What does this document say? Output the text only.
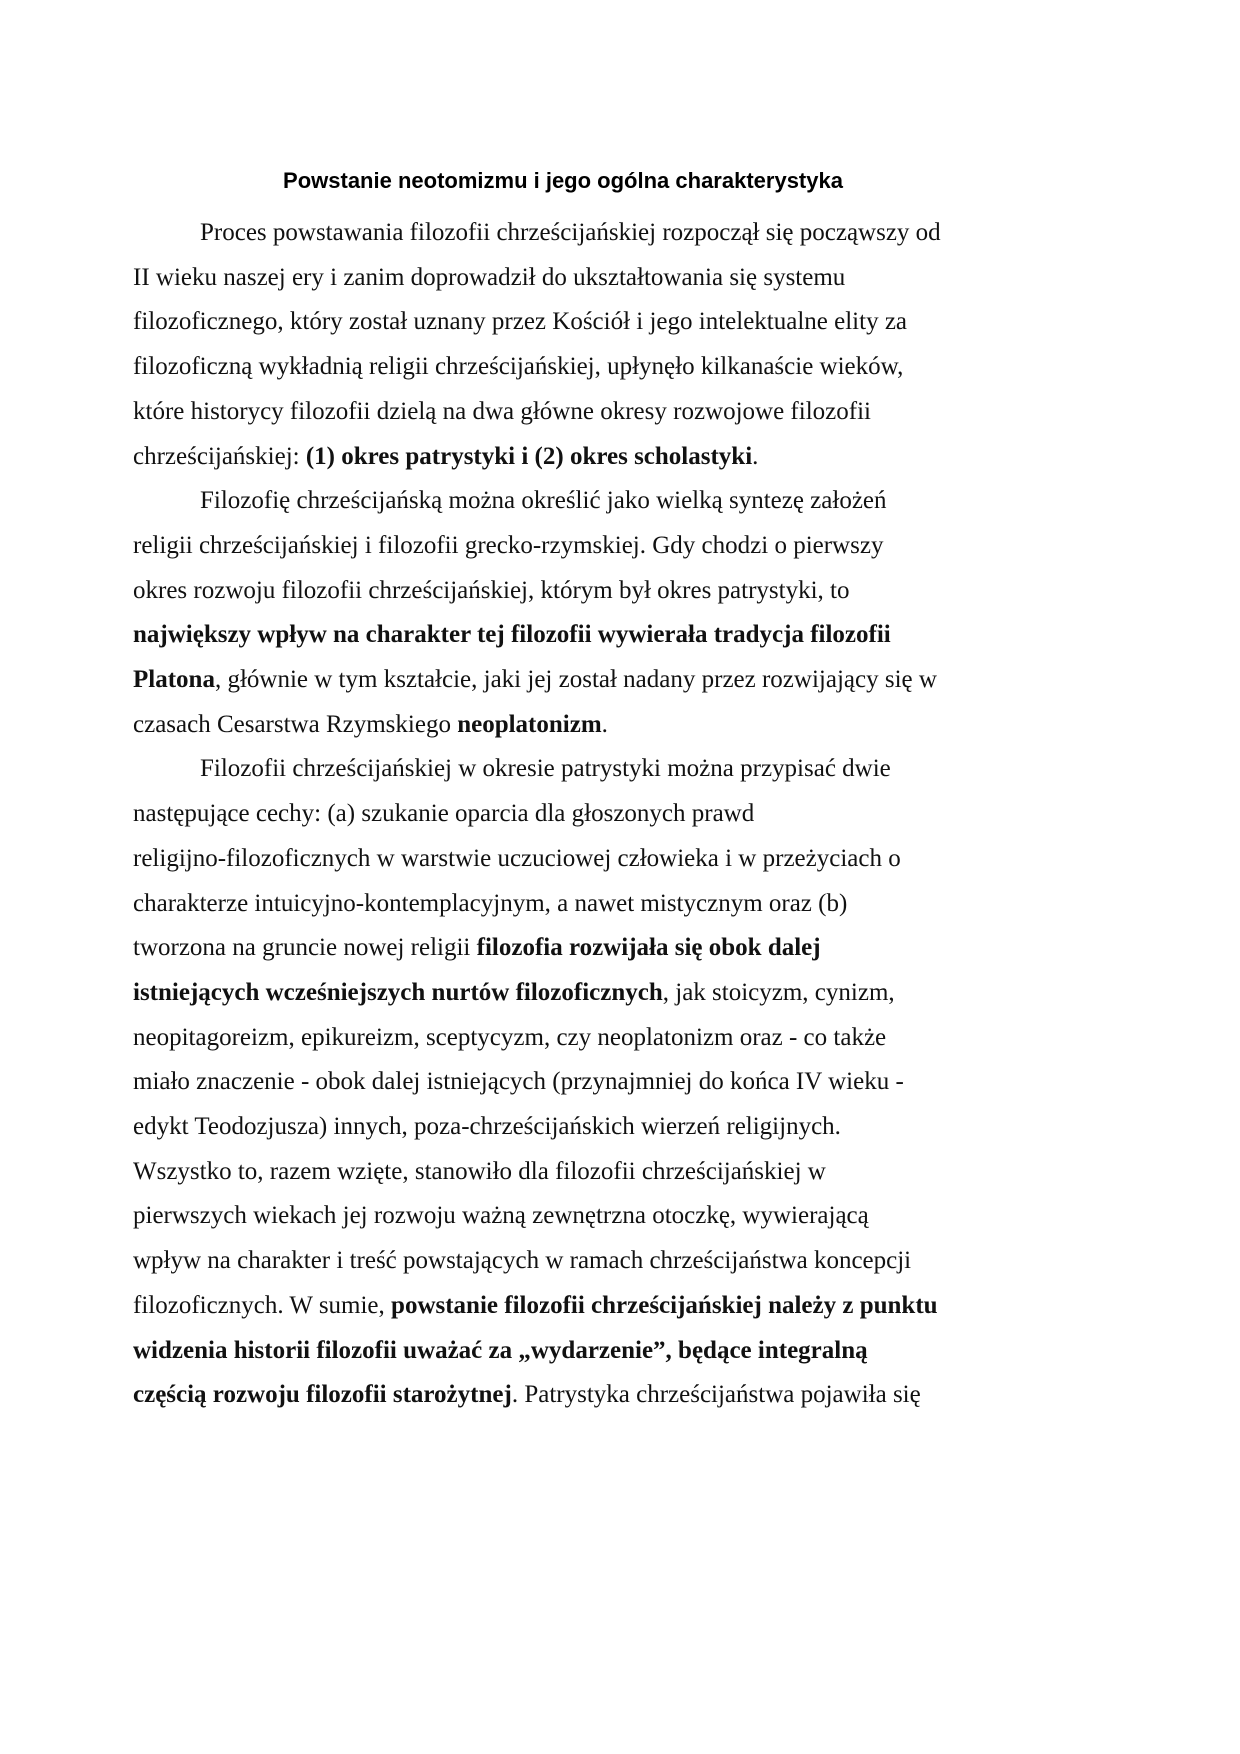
Powstanie neotomizmu i jego ogólna charakterystyka
Proces powstawania filozofii chrześcijańskiej rozpoczął się począwszy od
II wieku naszej ery i zanim doprowadził do ukształtowania się systemu
filozoficznego, który został uznany przez Kościół i jego intelektualne elity za
filozoficzną wykładnią religii chrześcijańskiej, upłynęło kilkanaście wieków,
które historycy filozofii dzielą na dwa główne okresy rozwojowe filozofii
chrześcijańskiej: (1) okres patrystyki i (2) okres scholastyki.
Filozofię chrześcijańską można określić jako wielką syntezę założeń
religii chrześcijańskiej i filozofii grecko-rzymskiej. Gdy chodzi o pierwszy
okres rozwoju filozofii chrześcijańskiej, którym był okres patrystyki, to
największy wpływ na charakter tej filozofii wywierała tradycja filozofii
Platona, głównie w tym kształcie, jaki jej został nadany przez rozwijający się w
czasach Cesarstwa Rzymskiego neoplatonizm.
Filozofii chrześcijańskiej w okresie patrystyki można przypisać dwie
następujące cechy: (a) szukanie oparcia dla głoszonych prawd
religijno-filozoficznych w warstwie uczuciowej człowieka i w przeżyciach o
charakterze intuicyjno-kontemplacyjnym, a nawet mistycznym oraz (b)
tworzona na gruncie nowej religii filozofia rozwijała się obok dalej
istniejących wcześniejszych nurtów filozoficznych, jak stoicyzm, cynizm,
neopitagoreizm, epikureizm, sceptycyzm, czy neoplatonizm oraz - co także
miało znaczenie - obok dalej istniejących (przynajmniej do końca IV wieku -
edykt Teodozjusza) innych, poza-chrześcijańskich wierzeń religijnych.
Wszystko to, razem wzięte, stanowiło dla filozofii chrześcijańskiej w
pierwszych wiekach jej rozwoju ważną zewnętrzna otoczkę, wywierającą
wpływ na charakter i treść powstających w ramach chrześcijaństwa koncepcji
filozoficznych. W sumie, powstanie filozofii chrześcijańskiej należy z punktu
widzenia historii filozofii uważać za „wydarzenie”, będące integralną
częścią rozwoju filozofii starożytnej. Patrystyka chrześcijaństwa pojawiła się
